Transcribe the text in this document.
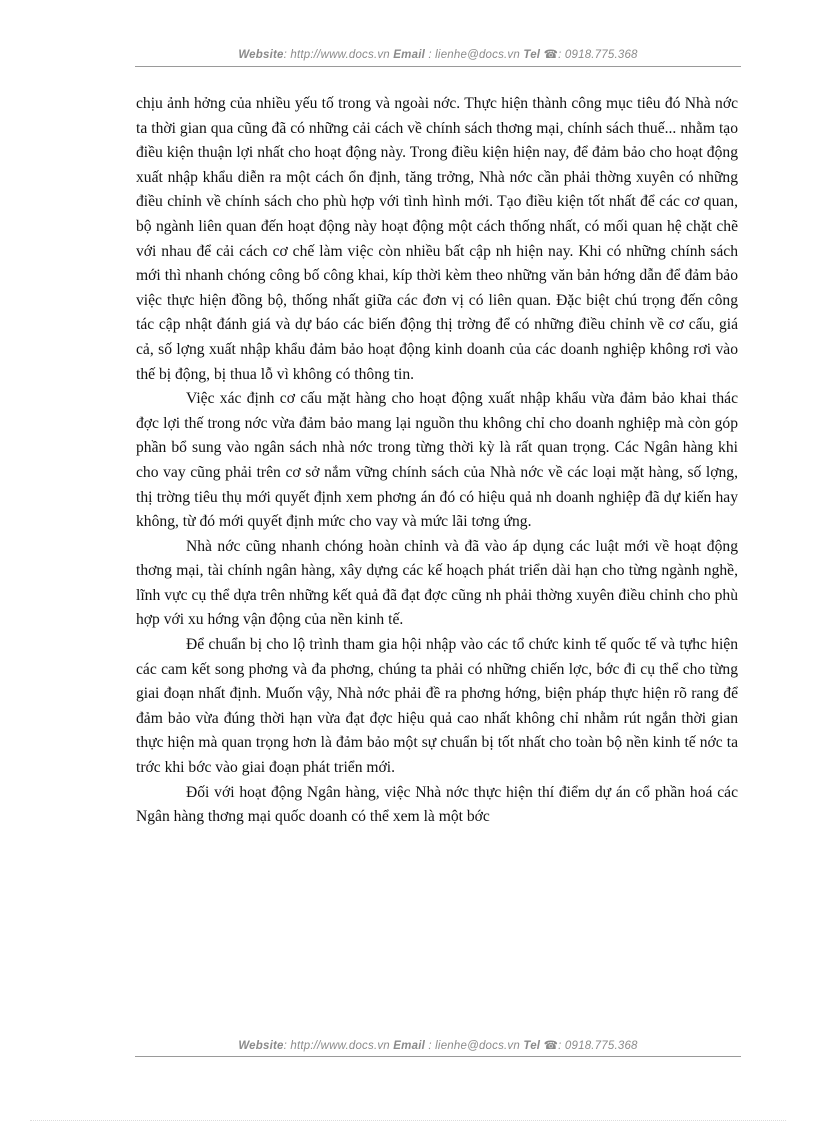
Website: http://www.docs.vn Email : lienhe@docs.vn Tel ☎: 0918.775.368

chịu ảnh hởng của nhiều yếu tố trong và ngoài nớc. Thực hiện thành công mục tiêu đó Nhà nớc ta thời gian qua cũng đã có những cải cách về chính sách thơng mại, chính sách thuế... nhằm tạo điều kiện thuận lợi nhất cho hoạt động này. Trong điều kiện hiện nay, để đảm bảo cho hoạt động xuất nhập khẩu diễn ra một cách ổn định, tăng trởng, Nhà nớc cần phải thờng xuyên có những điều chỉnh về chính sách cho phù hợp với tình hình mới. Tạo điều kiện tốt nhất để các cơ quan, bộ ngành liên quan đến hoạt động này hoạt động một cách thống nhất, có mối quan hệ chặt chẽ với nhau để cải cách cơ chế làm việc còn nhiều bất cập nh hiện nay. Khi có những chính sách mới thì nhanh chóng công bố công khai, kíp thời kèm theo những văn bản hớng dẫn để đảm bảo việc thực hiện đồng bộ, thống nhất giữa các đơn vị có liên quan. Đặc biệt chú trọng đến công tác cập nhật đánh giá và dự báo các biến động thị trờng để có những điều chỉnh về cơ cấu, giá cả, số lợng xuất nhập khẩu đảm bảo hoạt động kinh doanh của các doanh nghiệp không rơi vào thế bị động, bị thua lỗ vì không có thông tin.

Việc xác định cơ cấu mặt hàng cho hoạt động xuất nhập khẩu vừa đảm bảo khai thác đợc lợi thế trong nớc vừa đảm bảo mang lại nguồn thu không chỉ cho doanh nghiệp mà còn góp phần bổ sung vào ngân sách nhà nớc trong từng thời kỳ là rất quan trọng. Các Ngân hàng khi cho vay cũng phải trên cơ sở nắm vững chính sách của Nhà nớc về các loại mặt hàng, số lợng, thị trờng tiêu thụ mới quyết định xem phơng án đó có hiệu quả nh doanh nghiệp đã dự kiến hay không, từ đó mới quyết định mức cho vay và mức lãi tơng ứng.

Nhà nớc cũng nhanh chóng hoàn chỉnh và đã vào áp dụng các luật mới về hoạt động thơng mại, tài chính ngân hàng, xây dựng các kế hoạch phát triển dài hạn cho từng ngành nghề, lĩnh vực cụ thể dựa trên những kết quả đã đạt đợc cũng nh phải thờng xuyên điều chỉnh cho phù hợp với xu hớng vận động của nền kinh tế.

Để chuẩn bị cho lộ trình tham gia hội nhập vào các tổ chức kinh tế quốc tế và tựhc hiện các cam kết song phơng và đa phơng, chúng ta phải có những chiến lợc, bớc đi cụ thể cho từng giai đoạn nhất định. Muốn vậy, Nhà nớc phải đề ra phơng hớng, biện pháp thực hiện rõ rang để đảm bảo vừa đúng thời hạn vừa đạt đợc hiệu quả cao nhất không chỉ nhằm rút ngắn thời gian thực hiện mà quan trọng hơn là đảm bảo một sự chuẩn bị tốt nhất cho toàn bộ nền kinh tế nớc ta trớc khi bớc vào giai đoạn phát triển mới.

Đối với hoạt động Ngân hàng, việc Nhà nớc thực hiện thí điểm dự án cổ phần hoá các Ngân hàng thơng mại quốc doanh có thể xem là một bớc

Website: http://www.docs.vn Email : lienhe@docs.vn Tel ☎: 0918.775.368
